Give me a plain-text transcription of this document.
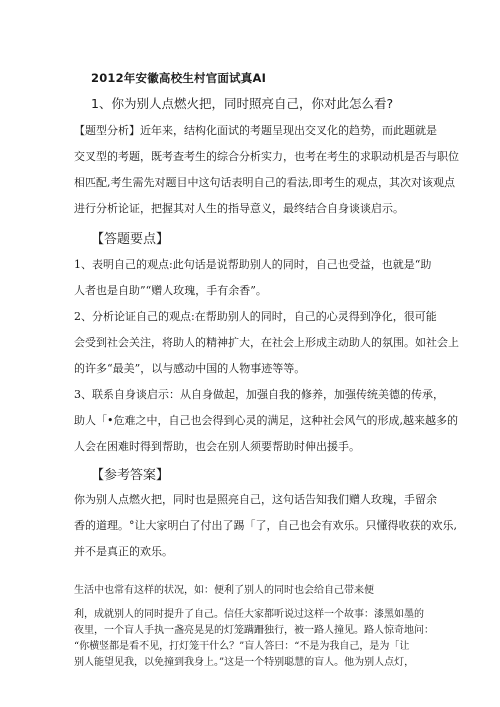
2012年安徽高校生村官面试真AI
1、你为别人点燃火把，同时照亮自己，你对此怎么看?
【题型分析】近年来，结构化面试的考题呈现出交叉化的趋势，而此题就是
交叉型的考题，既考查考生的综合分析实力，也考在考生的求职动机是否与职位
相匹配,考生需先对题目中这句话表明自己的看法,即考生的观点，其次对该观点
进行分析论证，把握其对人生的指导意义，最终结合自身谈谈启示。
【答题要点】
1、表明自己的观点:此句话是说帮助别人的同时，自己也受益，也就是“助
人者也是自助”“赠人玫瑰，手有余香”。
2、分析论证自己的观点:在帮助别人的同时，自己的心灵得到净化，很可能
会受到社会关注，将助人的精神扩大，在社会上形成主动助人的氛围。如社会上
的许多“最美”，以与感动中国的人物事迹等等。
3、联系自身谈启示：从自身做起，加强自我的修养，加强传统美德的传承，
助人「•危难之中，自己也会得到心灵的满足，这种社会风气的形成,越来越多的
人会在困难时得到帮助，也会在别人须要帮助时伸出援手。
【参考答案】
你为别人点燃火把，同时也是照亮自己，这句话告知我们赠人玫瑰，手留余
香的道理。°让大家明白了付出了踢「了，自己也会有欢乐。只懂得收获的欢乐,
并不是真正的欢乐。
生活中也常有这样的状况，如：便利了别人的同时也会给自己带来便
利，成就别人的同时提升了自己。信任大家都听说过这样一个故事：漆黑如墨的
夜里，一个盲人手执一盏亮晃晃的灯笼蹒跚独行，被一路人撞见。路人惊奇地问：
“你横竖都是看不见，打灯笼干什么？”盲人答曰：“不是为我自己，是为「让
别人能望见我，以免撞到我身上。”这是一个特别聪慧的盲人。他为别人点灯，
